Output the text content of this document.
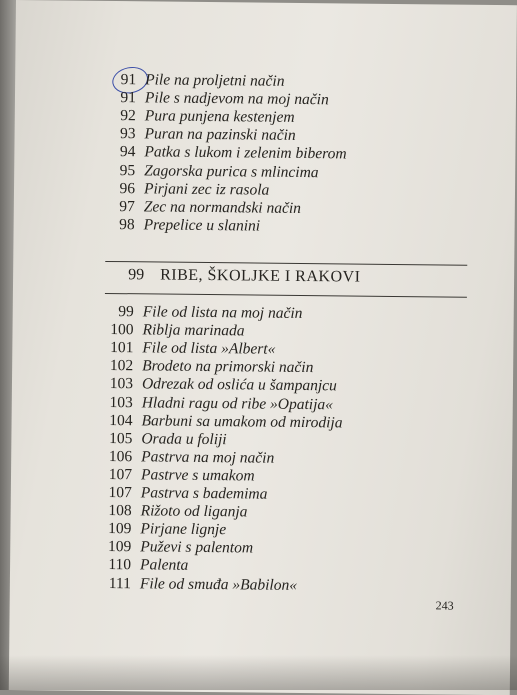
91 Pile na proljetni način
91 Pile s nadjevom na moj način
92 Pura punjena kestenjem
93 Puran na pazinski način
94 Patka s lukom i zelenim biberom
95 Zagorska purica s mlincima
96 Pirjani zec iz rasola
97 Zec na normandski način
98 Prepelice u slanini
99 RIBE, ŠKOLJKE I RAKOVI
99 File od lista na moj način
100 Riblja marinada
101 File od lista »Albert«
102 Brodeto na primorski način
103 Odrezak od oslića u šampanjcu
103 Hladni ragu od ribe »Opatija«
104 Barbuni sa umakom od mirodija
105 Orada u foliji
106 Pastrva na moj način
107 Pastrve s umakom
107 Pastrva s bademima
108 Rižoto od liganja
109 Pirjane lignje
109 Puževi s palentom
110 Palenta
111 File od smuđa »Babilon«
243
